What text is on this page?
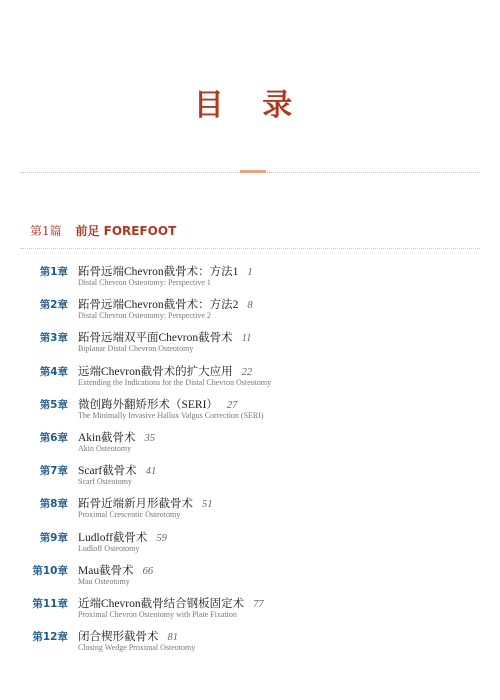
目 录
第1篇 前足 FOREFOOT
第1章 跖骨远端Chevron截骨术：方法1 1
Distal Chevron Osteotomy: Perspective 1
第2章 跖骨远端Chevron截骨术：方法2 8
Distal Chevron Osteotomy: Perspective 2
第3章 跖骨远端双平面Chevron截骨术 11
Biplanar Distal Chevron Osteotomy
第4章 远端Chevron截骨术的扩大应用 22
Extending the Indications for the Distal Chevron Osteotomy
第5章 微创踇外翻矫形术（SERI） 27
The Minimally Invasive Hallux Valgus Correction (SERI)
第6章 Akin截骨术 35
Akin Osteotomy
第7章 Scarf截骨术 41
Scarf Osteotomy
第8章 跖骨近端新月形截骨术 51
Proximal Crescentic Osteotomy
第9章 Ludloff截骨术 59
Ludloff Osteotomy
第10章 Mau截骨术 66
Mau Osteotomy
第11章 近端Chevron截骨结合钢板固定术 77
Proximal Chevron Osteotomy with Plate Fixation
第12章 闭合楔形截骨术 81
Closing Wedge Proximal Osteotomy
